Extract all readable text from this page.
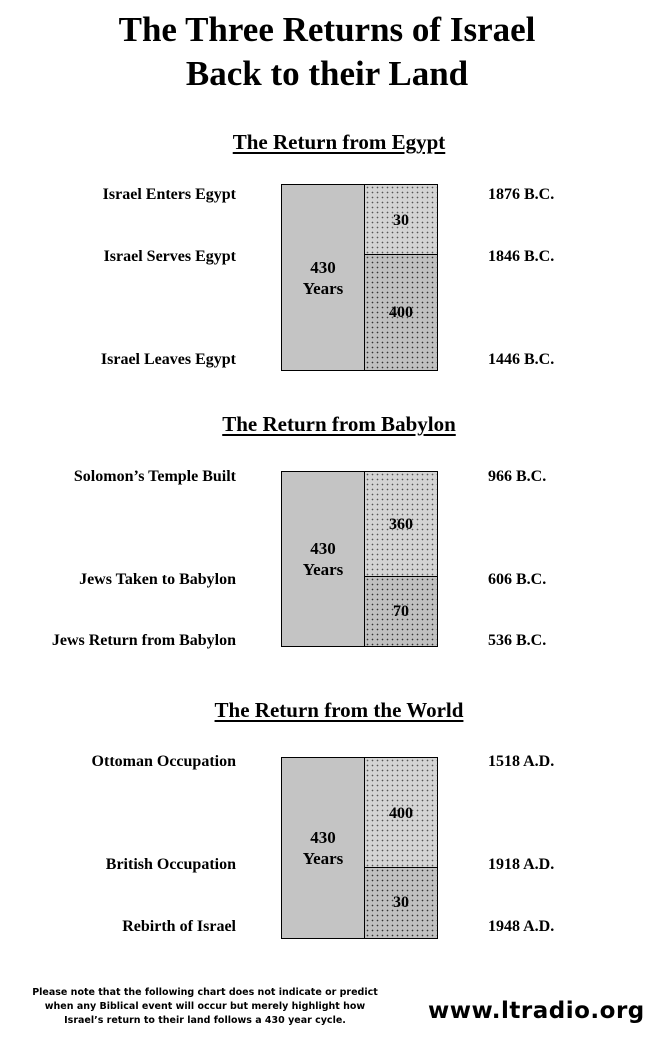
The Three Returns of Israel
Back to their Land
The Return from Egypt
Israel Enters Egypt
Israel Serves Egypt
Israel Leaves Egypt
1876 B.C.
1846 B.C.
1446 B.C.
430
Years
30
400
The Return from Babylon
Solomon’s Temple Built
Jews Taken to Babylon
Jews Return from Babylon
966 B.C.
606 B.C.
536 B.C.
430
Years
360
70
The Return from the World
Ottoman Occupation
British Occupation
Rebirth of Israel
1518 A.D.
1918 A.D.
1948 A.D.
430
Years
400
30
Please note that the following chart does not indicate or predict
when any Biblical event will occur but merely highlight how
Israel’s return to their land follows a 430 year cycle.	www.ltradio.org
